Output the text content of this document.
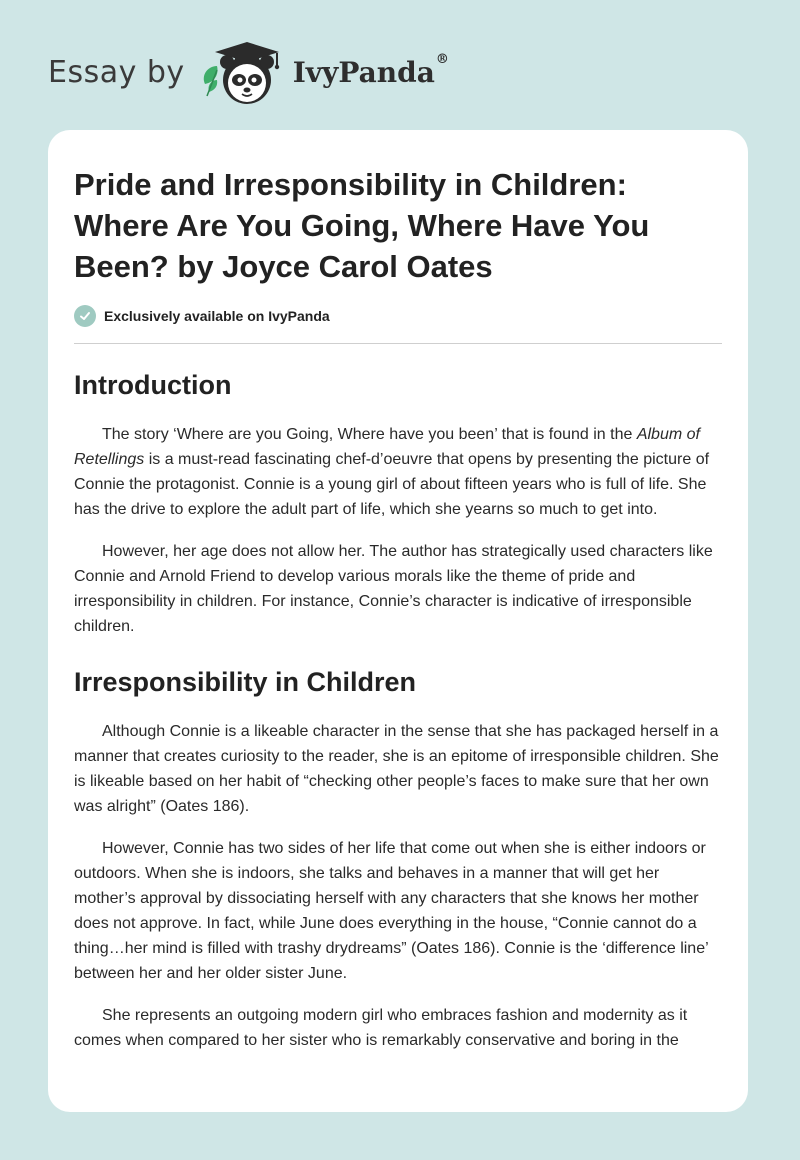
Essay by	IvyPanda®
Pride and Irresponsibility in Children: Where Are You Going, Where Have You Been? by Joyce Carol Oates
Exclusively available on IvyPanda
Introduction

The story ‘Where are you Going, Where have you been’ that is found in the Album of Retellings is a must-read fascinating chef-d’oeuvre that opens by presenting the picture of Connie the protagonist. Connie is a young girl of about fifteen years who is full of life. She has the drive to explore the adult part of life, which she yearns so much to get into.

However, her age does not allow her. The author has strategically used characters like Connie and Arnold Friend to develop various morals like the theme of pride and irresponsibility in children. For instance, Connie’s character is indicative of irresponsible children.

Irresponsibility in Children

Although Connie is a likeable character in the sense that she has packaged herself in a manner that creates curiosity to the reader, she is an epitome of irresponsible children. She is likeable based on her habit of “checking other people’s faces to make sure that her own was alright” (Oates 186).

However, Connie has two sides of her life that come out when she is either indoors or outdoors. When she is indoors, she talks and behaves in a manner that will get her mother’s approval by dissociating herself with any characters that she knows her mother does not approve. In fact, while June does everything in the house, “Connie cannot do a thing…her mind is filled with trashy drydreams” (Oates 186). Connie is the ‘difference line’ between her and her older sister June.

She represents an outgoing modern girl who embraces fashion and modernity as it comes when compared to her sister who is remarkably conservative and boring in the
